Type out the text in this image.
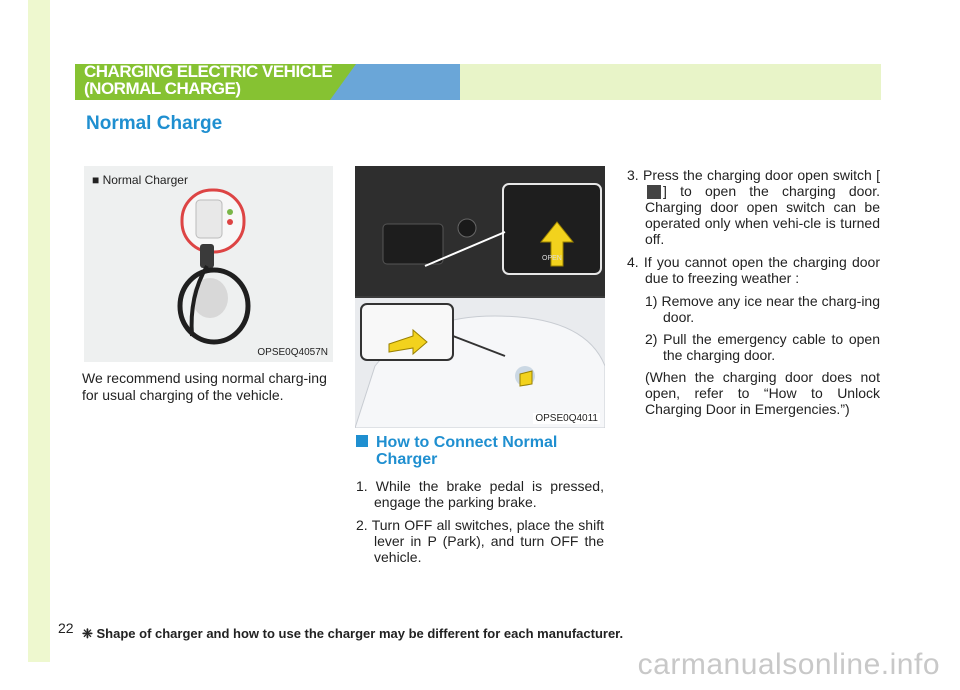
CHARGING ELECTRIC VEHICLE
(NORMAL CHARGE)
Normal Charge
■ Normal Charger
OPSE0Q4057N
We recommend using normal charg-ing for usual charging of the vehicle.
OPEN
OPSE0Q4011
How to Connect Normal Charger
1. While the brake pedal is pressed, engage the parking brake.
2. Turn OFF all switches, place the shift lever in P (Park), and turn OFF the vehicle.
3. Press the charging door open switch [] to open the charging door. Charging door open switch can be operated only when vehi-cle is turned off.
4. If you cannot open the charging door due to freezing weather :
1) Remove any ice near the charg-ing door.
2) Pull the emergency cable to open the charging door.
(When the charging door does not open, refer to “How to Unlock Charging Door in Emergencies.”)
22 ❈ Shape of charger and how to use the charger may be different for each manufacturer.
carmanualsonline.info
